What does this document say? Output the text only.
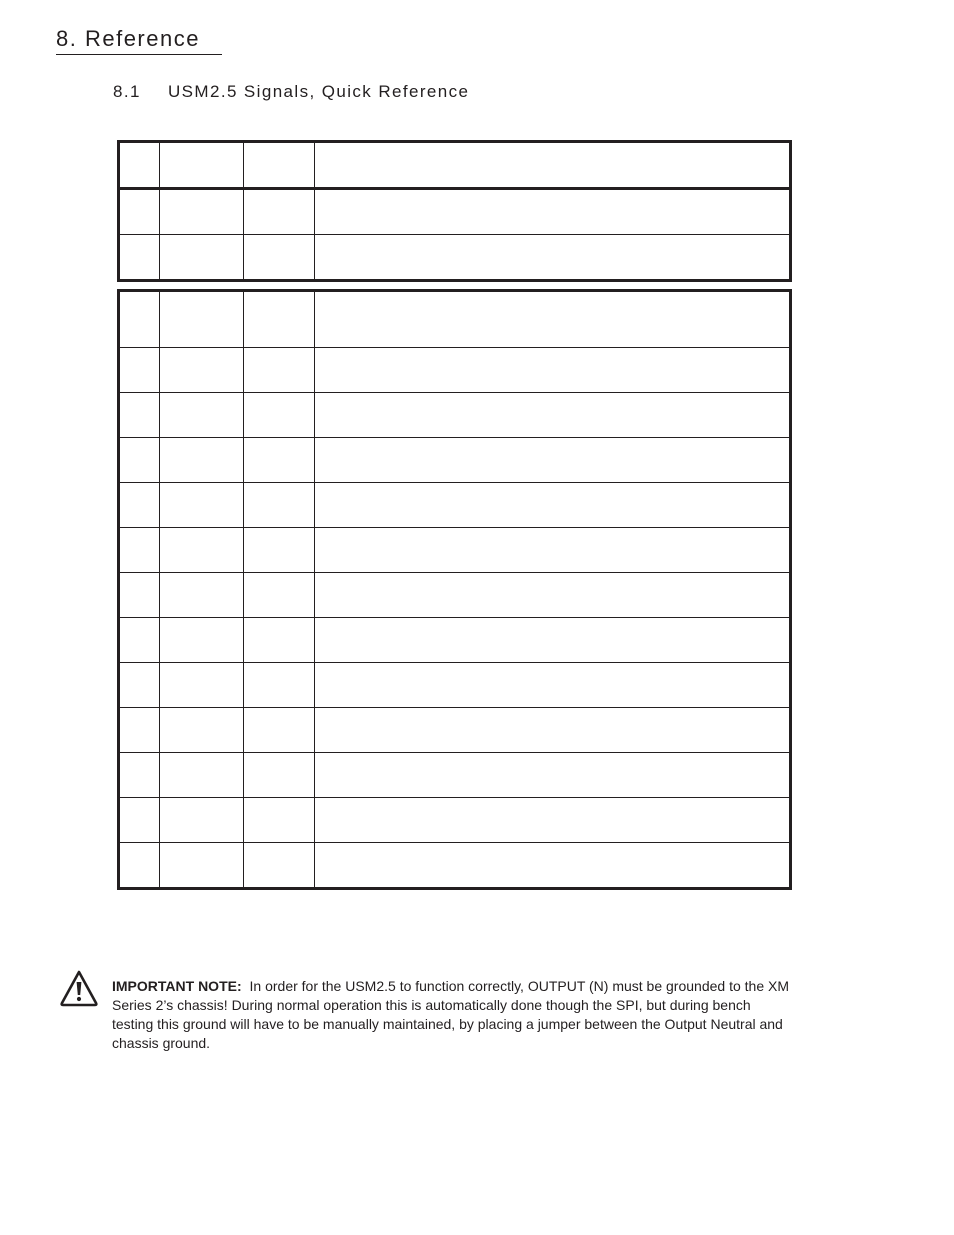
8. Reference
8.1 USM2.5 Signals, Quick Reference

IMPORTANT NOTE: In order for the USM2.5 to function correctly, OUTPUT (N) must be grounded to the XM Series 2’s chassis! During normal operation this is automatically done though the SPI, but during bench testing this ground will have to be manually maintained, by placing a jumper between the Output Neutral and chassis ground.
